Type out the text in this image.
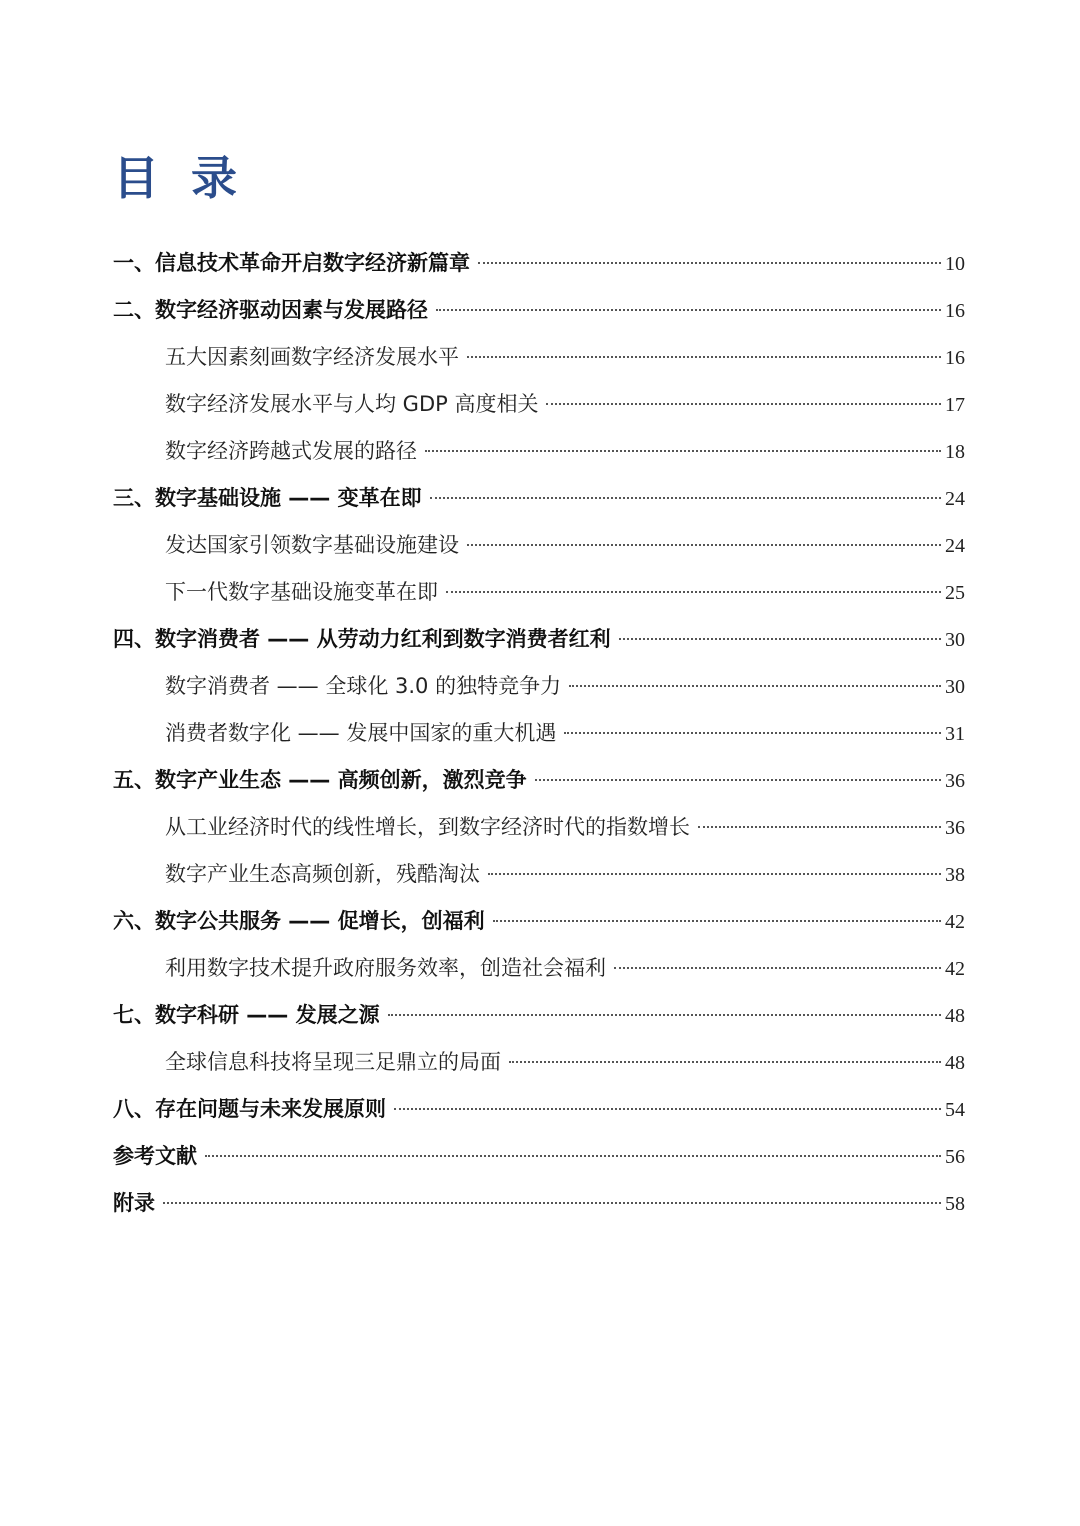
目 录
一、信息技术革命开启数字经济新篇章	10
二、数字经济驱动因素与发展路径	16
五大因素刻画数字经济发展水平	16
数字经济发展水平与人均 GDP 高度相关	17
数字经济跨越式发展的路径	18
三、数字基础设施 —— 变革在即	24
发达国家引领数字基础设施建设	24
下一代数字基础设施变革在即	25
四、数字消费者 —— 从劳动力红利到数字消费者红利	30
数字消费者 —— 全球化 3.0 的独特竞争力	30
消费者数字化 —— 发展中国家的重大机遇	31
五、数字产业生态 —— 高频创新，激烈竞争	36
从工业经济时代的线性增长，到数字经济时代的指数增长	36
数字产业生态高频创新，残酷淘汰	38
六、数字公共服务 —— 促增长，创福利	42
利用数字技术提升政府服务效率，创造社会福利	42
七、数字科研 —— 发展之源	48
全球信息科技将呈现三足鼎立的局面	48
八、存在问题与未来发展原则	54
参考文献	56
附录	58
